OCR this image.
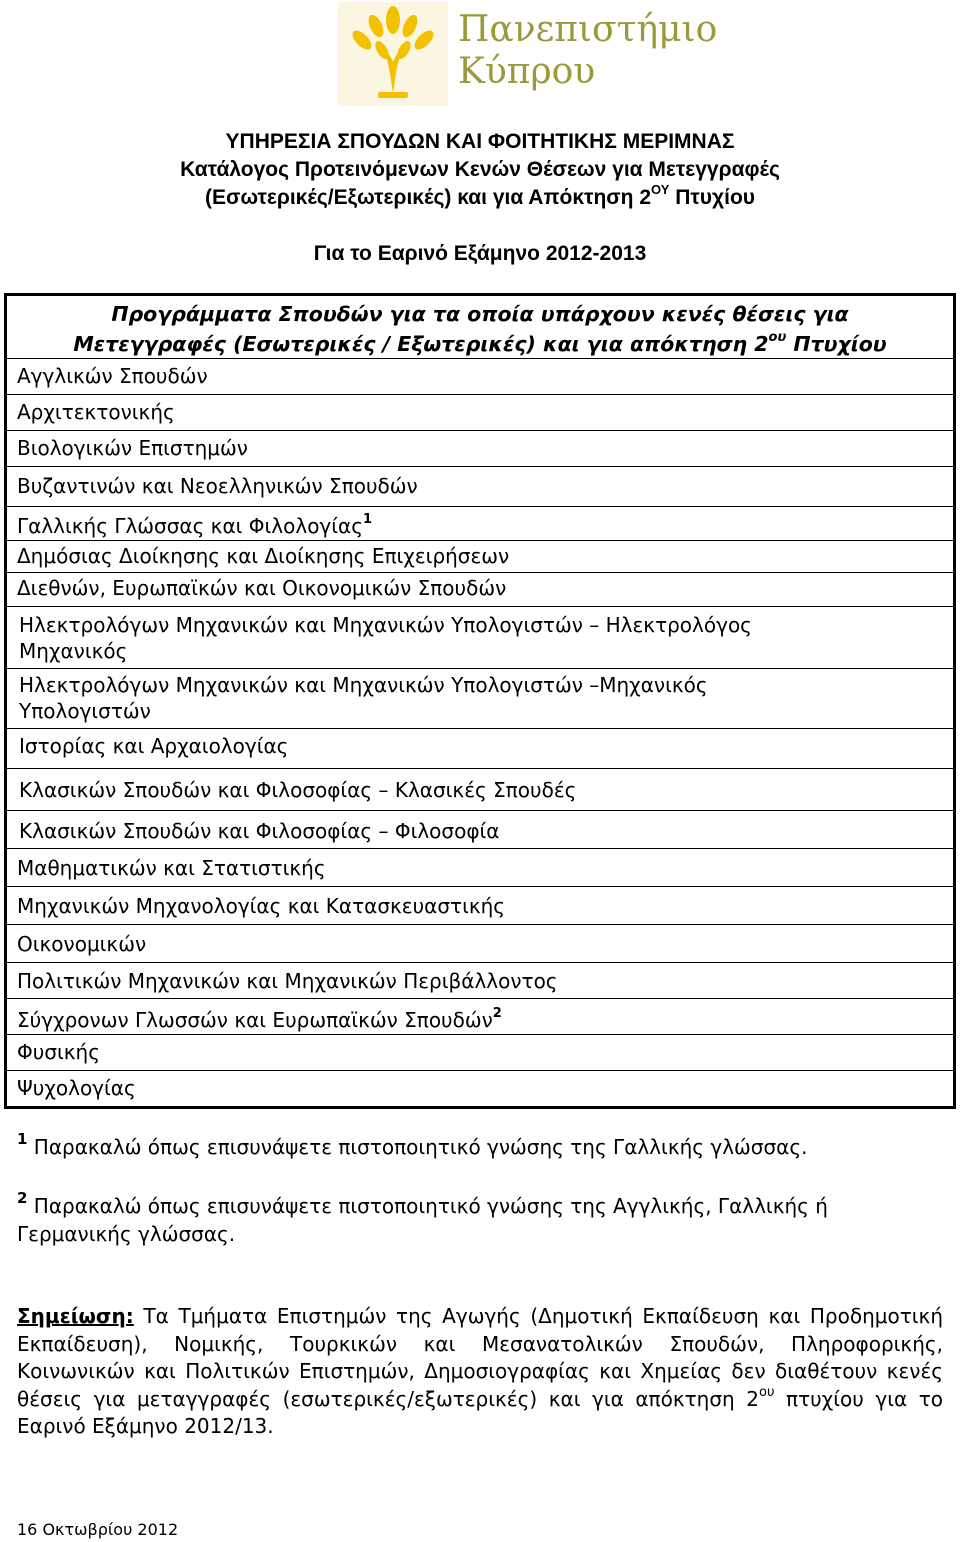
Πανεπιστήμιο
Κύπρου
ΥΠΗΡΕΣΙΑ ΣΠΟΥΔΩΝ ΚΑΙ ΦΟΙΤΗΤΙΚΗΣ ΜΕΡΙΜΝΑΣ
Κατάλογος Προτεινόμενων Κενών Θέσεων για Μετεγγραφές
(Εσωτερικές/Εξωτερικές) και για Απόκτηση $2^{O\Upsilon}$ Πτυχίου
Για το Εαρινό Εξάμηνο 2012-2013
Προγράμματα Σπουδών για τα οποία υπάρχουν κενές θέσεις για
Μετεγγραφές (Εσωτερικές / Εξωτερικές) και για απόκτηση $2^{o\upsilon}$ Πτυχίου
Αγγλικών Σπουδών
Αρχιτεκτονικής
Βιολογικών Επιστημών
Βυζαντινών και Νεοελληνικών Σπουδών
Γαλλικής Γλώσσας και Φιλολογίας$^1$
Δημόσιας Διοίκησης και Διοίκησης Επιχειρήσεων
Διεθνών, Ευρωπαϊκών και Οικονομικών Σπουδών
Ηλεκτρολόγων Μηχανικών και Μηχανικών Υπολογιστών – Ηλεκτρολόγος
Μηχανικός
Ηλεκτρολόγων Μηχανικών και Μηχανικών Υπολογιστών –Μηχανικός
Υπολογιστών
Ιστορίας και Αρχαιολογίας
Κλασικών Σπουδών και Φιλοσοφίας – Κλασικές Σπουδές
Κλασικών Σπουδών και Φιλοσοφίας – Φιλοσοφία
Μαθηματικών και Στατιστικής
Μηχανικών Μηχανολογίας και Κατασκευαστικής
Οικονομικών
Πολιτικών Μηχανικών και Μηχανικών Περιβάλλοντος
Σύγχρονων Γλωσσών και Ευρωπαϊκών Σπουδών$^2$
Φυσικής
Ψυχολογίας
$^1$ Παρακαλώ όπως επισυνάψετε πιστοποιητικό γνώσης της Γαλλικής γλώσσας.
$^2$ Παρακαλώ όπως επισυνάψετε πιστοποιητικό γνώσης της Αγγλικής, Γαλλικής ή Γερμανικής γλώσσας.
Σημείωση: Τα Τμήματα Επιστημών της Αγωγής (Δημοτική Εκπαίδευση και Προδημοτική Εκπαίδευση), Νομικής, Τουρκικών και Μεσανατολικών Σπουδών, Πληροφορικής, Κοινωνικών και Πολιτικών Επιστημών, Δημοσιογραφίας και Χημείας δεν διαθέτουν κενές θέσεις για μεταγγραφές (εσωτερικές/εξωτερικές) και για απόκτηση $2^{o\upsilon}$ πτυχίου για το Εαρινό Εξάμηνο 2012/13.
16 Οκτωβρίου 2012
